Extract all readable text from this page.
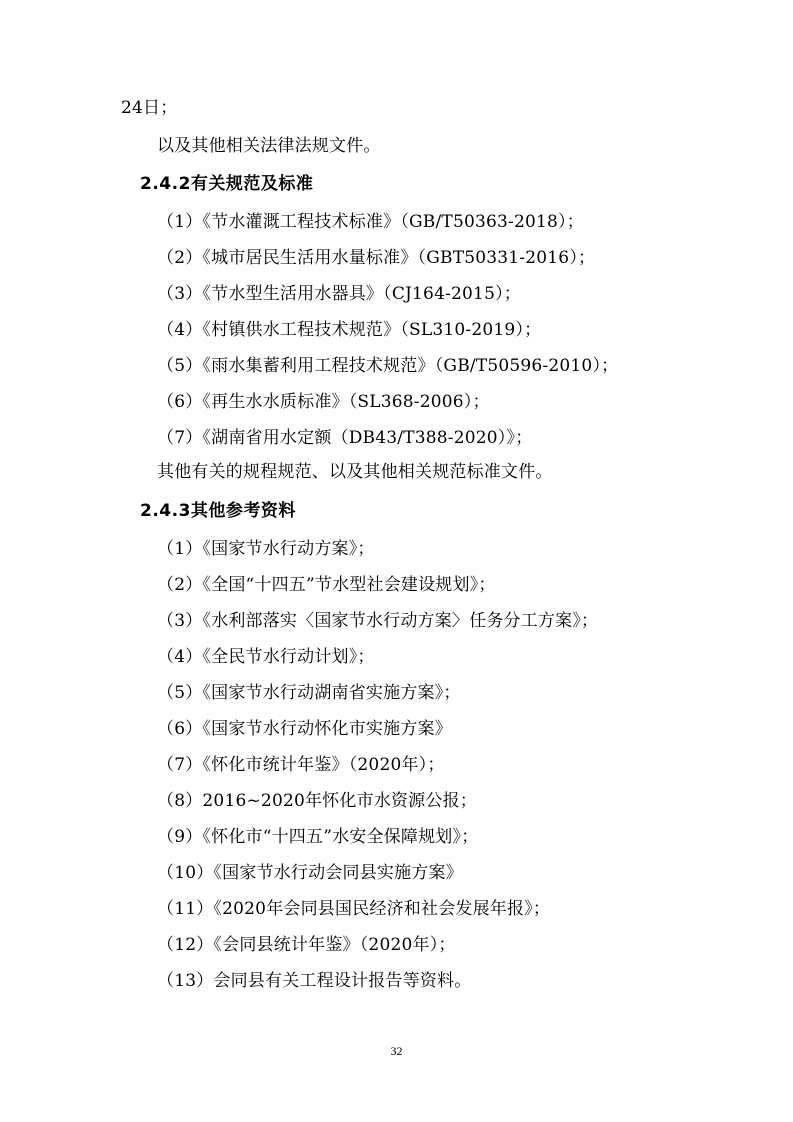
24日；
以及其他相关法律法规文件。
2.4.2有关规范及标准
（1）《节水灌溉工程技术标准》（GB/T50363-2018）；
（2）《城市居民生活用水量标准》（GBT50331-2016）；
（3）《节水型生活用水器具》（CJ164-2015）；
（4）《村镇供水工程技术规范》（SL310-2019）；
（5）《雨水集蓄利用工程技术规范》（GB/T50596-2010）；
（6）《再生水水质标准》（SL368-2006）；
（7）《湖南省用水定额（DB43/T388-2020）》；
其他有关的规程规范、以及其他相关规范标准文件。
2.4.3其他参考资料
（1）《国家节水行动方案》；
（2）《全国“十四五”节水型社会建设规划》；
（3）《水利部落实〈国家节水行动方案〉任务分工方案》；
（4）《全民节水行动计划》；
（5）《国家节水行动湖南省实施方案》；
（6）《国家节水行动怀化市实施方案》
（7）《怀化市统计年鉴》（2020年）；
（8）2016~2020年怀化市水资源公报；
（9）《怀化市“十四五”水安全保障规划》；
（10）《国家节水行动会同县实施方案》
（11）《2020年会同县国民经济和社会发展年报》；
（12）《会同县统计年鉴》（2020年）；
（13）会同县有关工程设计报告等资料。
32
